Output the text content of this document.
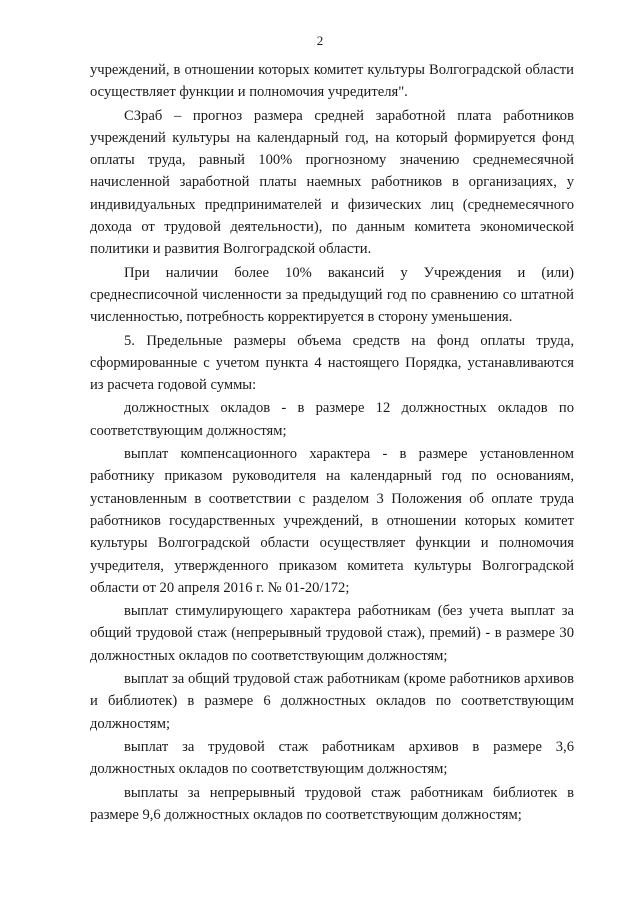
2

учреждений, в отношении которых комитет культуры Волгоградской области осуществляет функции и полномочия учредителя".

СЗраб – прогноз размера средней заработной плата работников учреждений культуры на календарный год, на который формируется фонд оплаты труда, равный 100% прогнозному значению среднемесячной начисленной заработной платы наемных работников в организациях, у индивидуальных предпринимателей и физических лиц (среднемесячного дохода от трудовой деятельности), по данным комитета экономической политики и развития Волгоградской области.

При наличии более 10% вакансий у Учреждения и (или) среднесписочной численности за предыдущий год по сравнению со штатной численностью, потребность корректируется в сторону уменьшения.

5. Предельные размеры объема средств на фонд оплаты труда, сформированные с учетом пункта 4 настоящего Порядка, устанавливаются из расчета годовой суммы:

должностных окладов - в размере 12 должностных окладов по соответствующим должностям;

выплат компенсационного характера - в размере установленном работнику приказом руководителя на календарный год по основаниям, установленным в соответствии с разделом 3 Положения об оплате труда работников государственных учреждений, в отношении которых комитет культуры Волгоградской области осуществляет функции и полномочия учредителя, утвержденного приказом комитета культуры Волгоградской области от 20 апреля 2016 г. № 01-20/172;

выплат стимулирующего характера работникам (без учета выплат за общий трудовой стаж (непрерывный трудовой стаж), премий) - в размере 30 должностных окладов по соответствующим должностям;

выплат за общий трудовой стаж работникам (кроме работников архивов и библиотек) в размере 6 должностных окладов по соответствующим должностям;

выплат за трудовой стаж работникам архивов в размере 3,6 должностных окладов по соответствующим должностям;

выплаты за непрерывный трудовой стаж работникам библиотек в размере 9,6 должностных окладов по соответствующим должностям;
